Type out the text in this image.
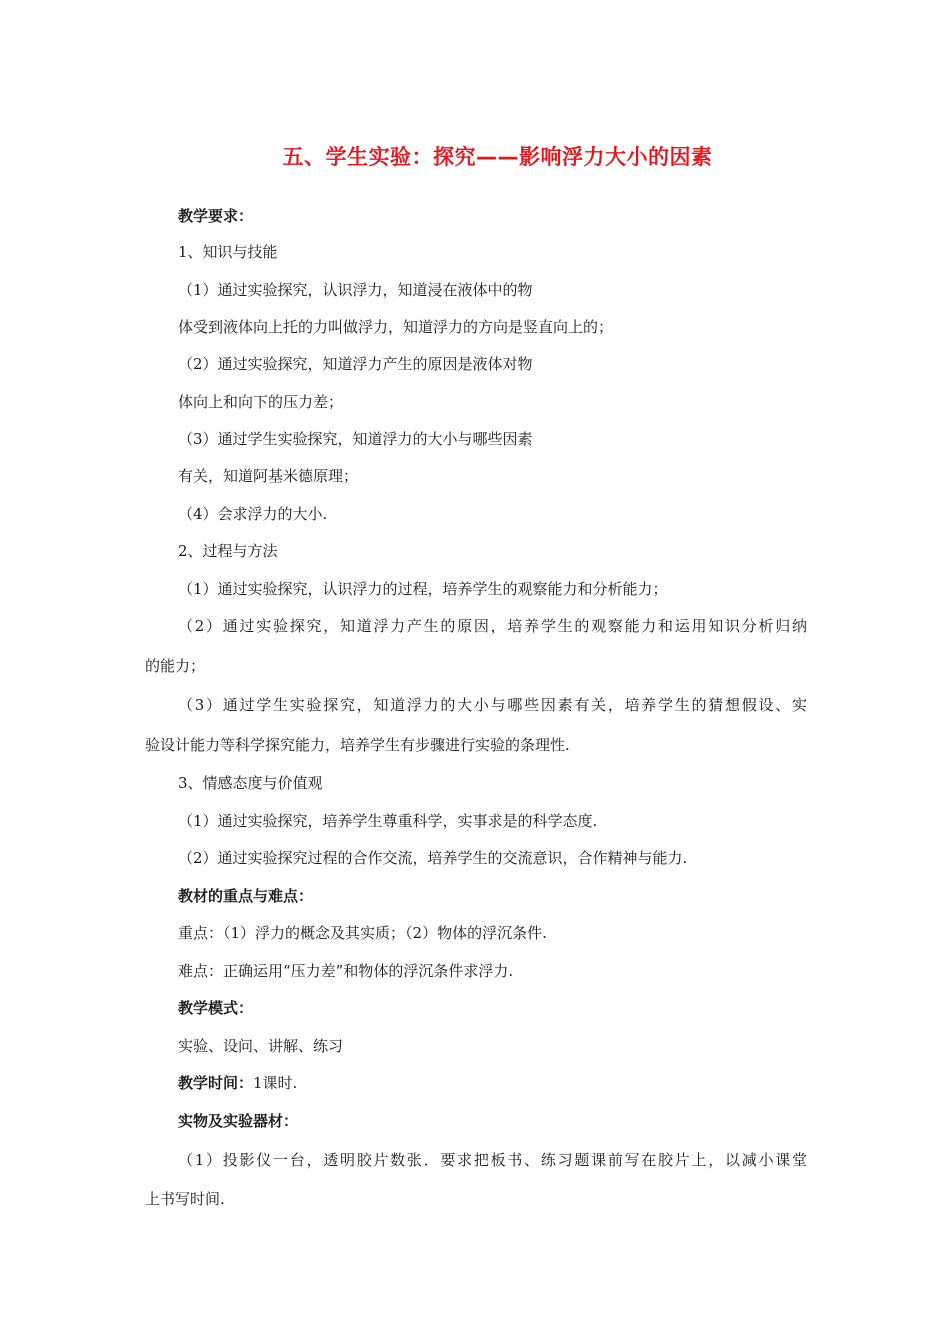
五、学生实验：探究——影响浮力大小的因素
教学要求：
1、知识与技能
（1）通过实验探究，认识浮力，知道浸在液体中的物
体受到液体向上托的力叫做浮力，知道浮力的方向是竖直向上的；
（2）通过实验探究，知道浮力产生的原因是液体对物
体向上和向下的压力差；
（3）通过学生实验探究，知道浮力的大小与哪些因素
有关，知道阿基米德原理；
（4）会求浮力的大小.
2、过程与方法
（1）通过实验探究，认识浮力的过程，培养学生的观察能力和分析能力；
（2）通过实验探究，知道浮力产生的原因，培养学生的观察能力和运用知识分析归纳
的能力；
（3）通过学生实验探究，知道浮力的大小与哪些因素有关，培养学生的猜想假设、实
验设计能力等科学探究能力，培养学生有步骤进行实验的条理性.
3、情感态度与价值观
（1）通过实验探究，培养学生尊重科学，实事求是的科学态度.
（2）通过实验探究过程的合作交流，培养学生的交流意识，合作精神与能力.
教材的重点与难点：
重点：（1）浮力的概念及其实质；（2）物体的浮沉条件.
难点：正确运用“压力差”和物体的浮沉条件求浮力.
教学模式：
实验、设问、讲解、练习
教学时间：1课时.
实物及实验器材：
（1）投影仪一台，透明胶片数张．要求把板书、练习题课前写在胶片上，以减小课堂
上书写时间.
